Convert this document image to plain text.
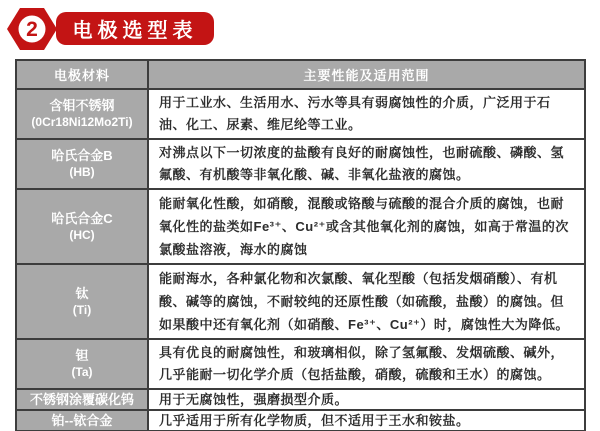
2 电极选型表
电极材料	主要性能及适用范围
含钼不锈钢
(0Cr18Ni12Mo2Ti)	用于工业水、生活用水、污水等具有弱腐蚀性的介质，广泛用于石油、化工、尿素、维尼纶等工业。
哈氏合金B
(HB)	对沸点以下一切浓度的盐酸有良好的耐腐蚀性，也耐硫酸、磷酸、氢氟酸、有机酸等非氧化酸、碱、非氧化盐液的腐蚀。
哈氏合金C
(HC)	能耐氧化性酸，如硝酸，混酸或铬酸与硫酸的混合介质的腐蚀，也耐氧化性的盐类如Fe³⁺、Cu²⁺或含其他氧化剂的腐蚀，如高于常温的次氯酸盐溶液，海水的腐蚀
钛
(Ti)	能耐海水，各种氯化物和次氯酸、氧化型酸（包括发烟硝酸）、有机酸、碱等的腐蚀，不耐较纯的还原性酸（如硫酸，盐酸）的腐蚀。但如果酸中还有氧化剂（如硝酸、Fe³⁺、Cu²⁺）时，腐蚀性大为降低。
钽
(Ta)	具有优良的耐腐蚀性，和玻璃相似，除了氢氟酸、发烟硫酸、碱外，几乎能耐一切化学介质（包括盐酸，硝酸，硫酸和王水）的腐蚀。
不锈钢涂覆碳化钨	用于无腐蚀性，强磨损型介质。
铂--铱合金	几乎适用于所有化学物质，但不适用于王水和铵盐。
